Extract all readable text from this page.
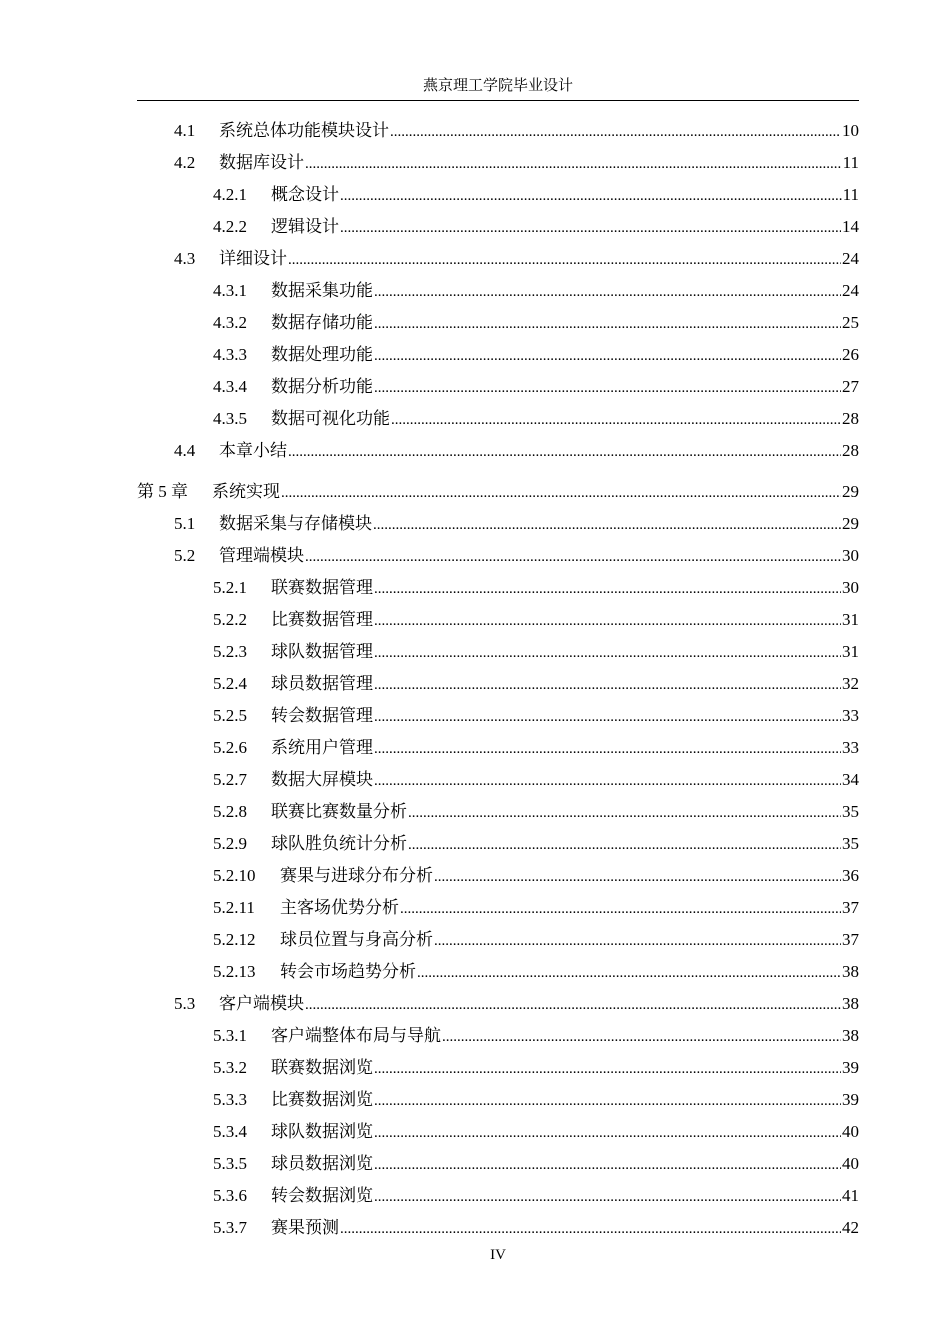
燕京理工学院毕业设计
4.1	系统总体功能模块设计 .....	10
4.2	数据库设计 .....	11
4.2.1	概念设计 .....	11
4.2.2	逻辑设计 .....	14
4.3	详细设计 .....	24
4.3.1	数据采集功能 .....	24
4.3.2	数据存储功能 .....	25
4.3.3	数据处理功能 .....	26
4.3.4	数据分析功能 .....	27
4.3.5	数据可视化功能 .....	28
4.4	本章小结 .....	28
第 5 章	系统实现 .....	29
5.1	数据采集与存储模块 .....	29
5.2	管理端模块 .....	30
5.2.1	联赛数据管理 .....	30
5.2.2	比赛数据管理 .....	31
5.2.3	球队数据管理 .....	31
5.2.4	球员数据管理 .....	32
5.2.5	转会数据管理 .....	33
5.2.6	系统用户管理 .....	33
5.2.7	数据大屏模块 .....	34
5.2.8	联赛比赛数量分析 .....	35
5.2.9	球队胜负统计分析 .....	35
5.2.10	赛果与进球分布分析 .....	36
5.2.11	主客场优势分析 .....	37
5.2.12	球员位置与身高分析 .....	37
5.2.13	转会市场趋势分析 .....	38
5.3	客户端模块 .....	38
5.3.1	客户端整体布局与导航 .....	38
5.3.2	联赛数据浏览 .....	39
5.3.3	比赛数据浏览 .....	39
5.3.4	球队数据浏览 .....	40
5.3.5	球员数据浏览 .....	40
5.3.6	转会数据浏览 .....	41
5.3.7	赛果预测 .....	42
IV
